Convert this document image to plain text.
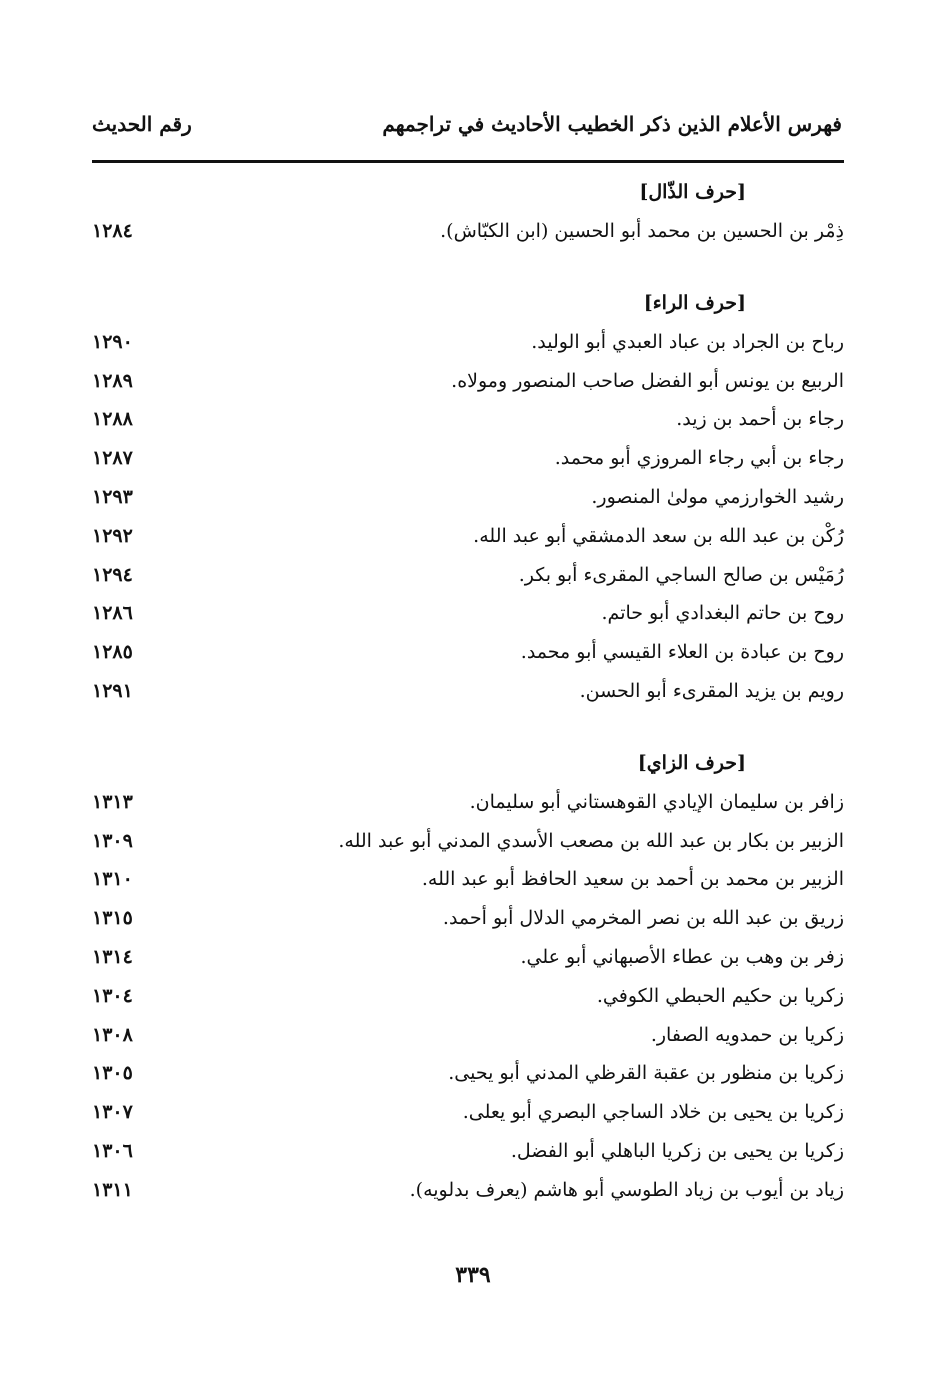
فهرس الأعلام الذين ذكر الخطيب الأحاديث في تراجمهم
رقم الحديث
[حرف الذّال]
ذِمْر بن الحسين بن محمد أبو الحسين (ابن الكبّاش).
١٢٨٤
[حرف الراء]
رباح بن الجراد بن عباد العبدي أبو الوليد.
١٢٩٠
الربيع بن يونس أبو الفضل صاحب المنصور ومولاه.
١٢٨٩
رجاء بن أحمد بن زيد.
١٢٨٨
رجاء بن أبي رجاء المروزي أبو محمد.
١٢٨٧
رشيد الخوارزمي مولىٰ المنصور.
١٢٩٣
رُكْن بن عبد الله بن سعد الدمشقي أبو عبد الله.
١٢٩٢
رُمَيْس بن صالح الساجي المقرىء أبو بكر.
١٢٩٤
روح بن حاتم البغدادي أبو حاتم.
١٢٨٦
روح بن عبادة بن العلاء القيسي أبو محمد.
١٢٨٥
رويم بن يزيد المقرىء أبو الحسن.
١٢٩١
[حرف الزاي]
زافر بن سليمان الإيادي القوهستاني أبو سليمان.
١٣١٣
الزبير بن بكار بن عبد الله بن مصعب الأسدي المدني أبو عبد الله.
١٣٠٩
الزبير بن محمد بن أحمد بن سعيد الحافظ أبو عبد الله.
١٣١٠
زريق بن عبد الله بن نصر المخرمي الدلال أبو أحمد.
١٣١٥
زفر بن وهب بن عطاء الأصبهاني أبو علي.
١٣١٤
زكريا بن حكيم الحبطي الكوفي.
١٣٠٤
زكريا بن حمدويه الصفار.
١٣٠٨
زكريا بن منظور بن عقبة القرظي المدني أبو يحيى.
١٣٠٥
زكريا بن يحيى بن خلاد الساجي البصري أبو يعلى.
١٣٠٧
زكريا بن يحيى بن زكريا الباهلي أبو الفضل.
١٣٠٦
زياد بن أيوب بن زياد الطوسي أبو هاشم (يعرف بدلويه).
١٣١١
٣٣٩
